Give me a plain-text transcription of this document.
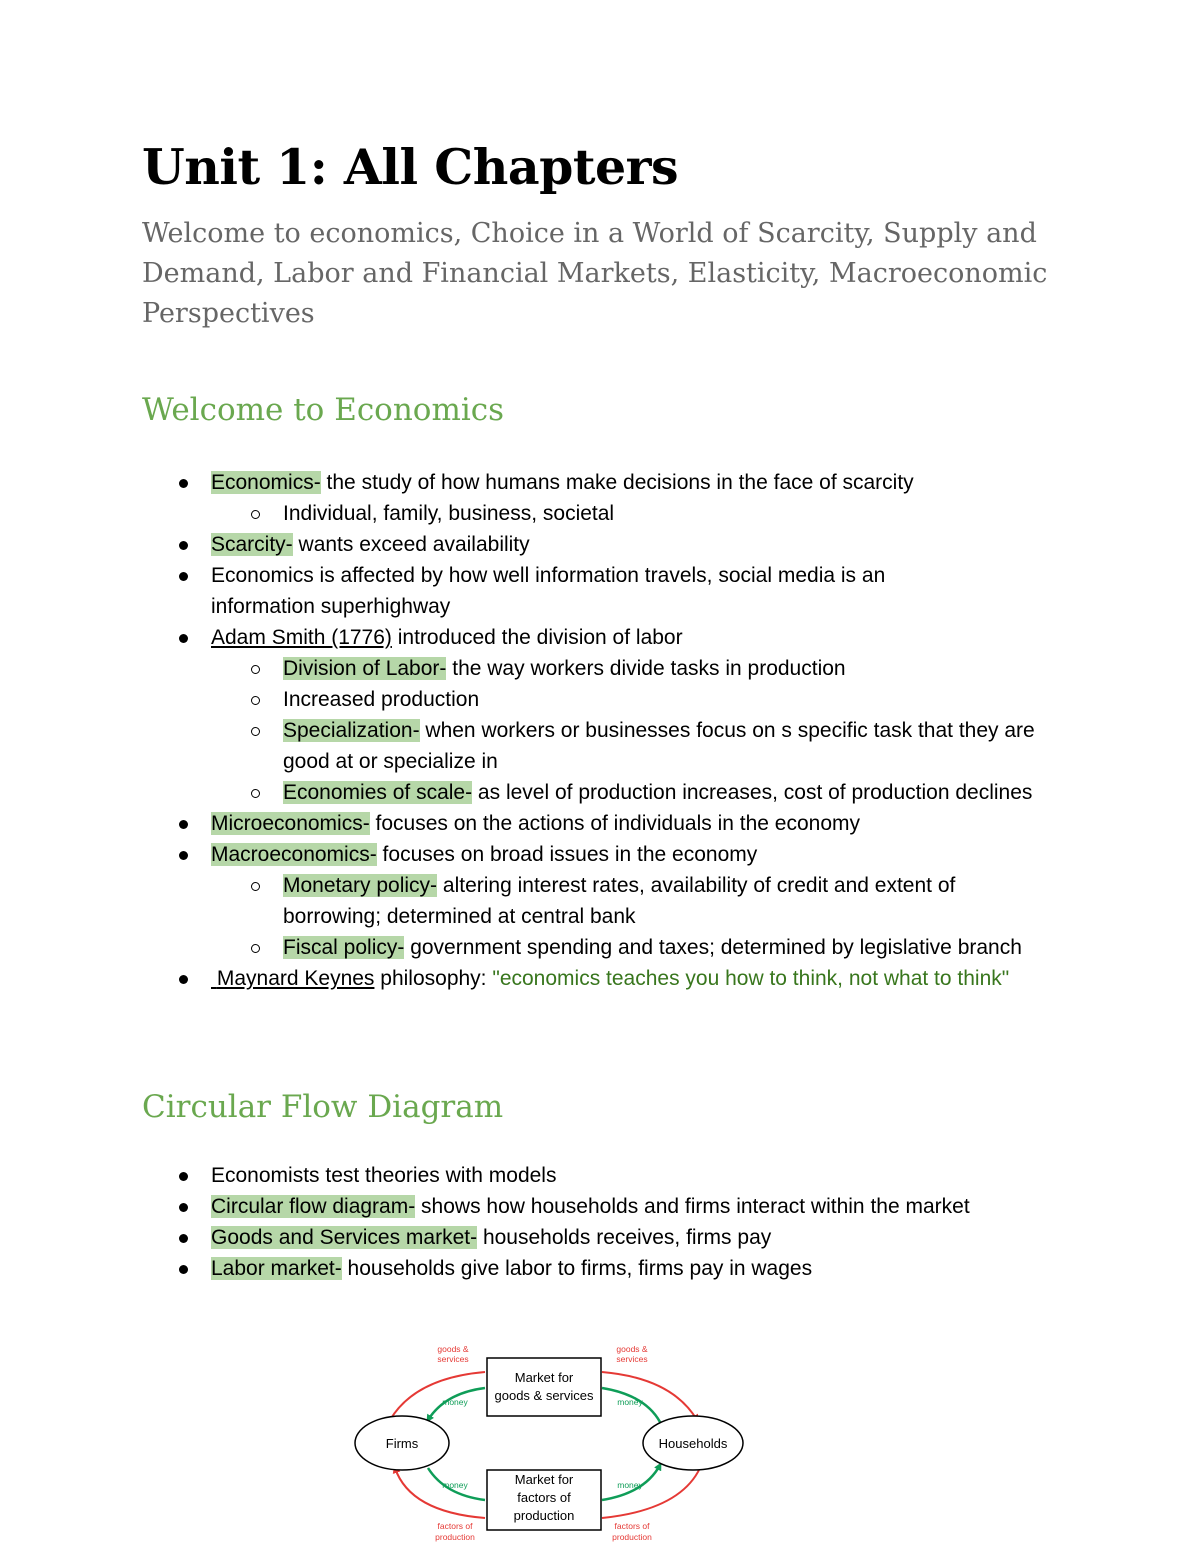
Unit 1: All Chapters

Welcome to economics, Choice in a World of Scarcity, Supply and Demand, Labor and Financial Markets, Elasticity, Macroeconomic Perspectives

Welcome to Economics
Economics- the study of how humans make decisions in the face of scarcity
Individual, family, business, societal
Scarcity- wants exceed availability
Economics is affected by how well information travels, social media is an information superhighway
Adam Smith (1776) introduced the division of labor
Division of Labor- the way workers divide tasks in production
Increased production
Specialization- when workers or businesses focus on s specific task that they are good at or specialize in
Economies of scale- as level of production increases, cost of production declines
Microeconomics- focuses on the actions of individuals in the economy
Macroeconomics- focuses on broad issues in the economy
Monetary policy- altering interest rates, availability of credit and extent of borrowing; determined at central bank
Fiscal policy- government spending and taxes; determined by legislative branch
Maynard Keynes philosophy: "economics teaches you how to think, not what to think"
Circular Flow Diagram
Economists test theories with models
Circular flow diagram- shows how households and firms interact within the market
Goods and Services market- households receives, firms pay
Labor market- households give labor to firms, firms pay in wages
Firms	Households
Market for
goods & services
Market for
factors of
production
goods &
services
goods &
services
factors of
production
factors of
production
money	money
money	money
